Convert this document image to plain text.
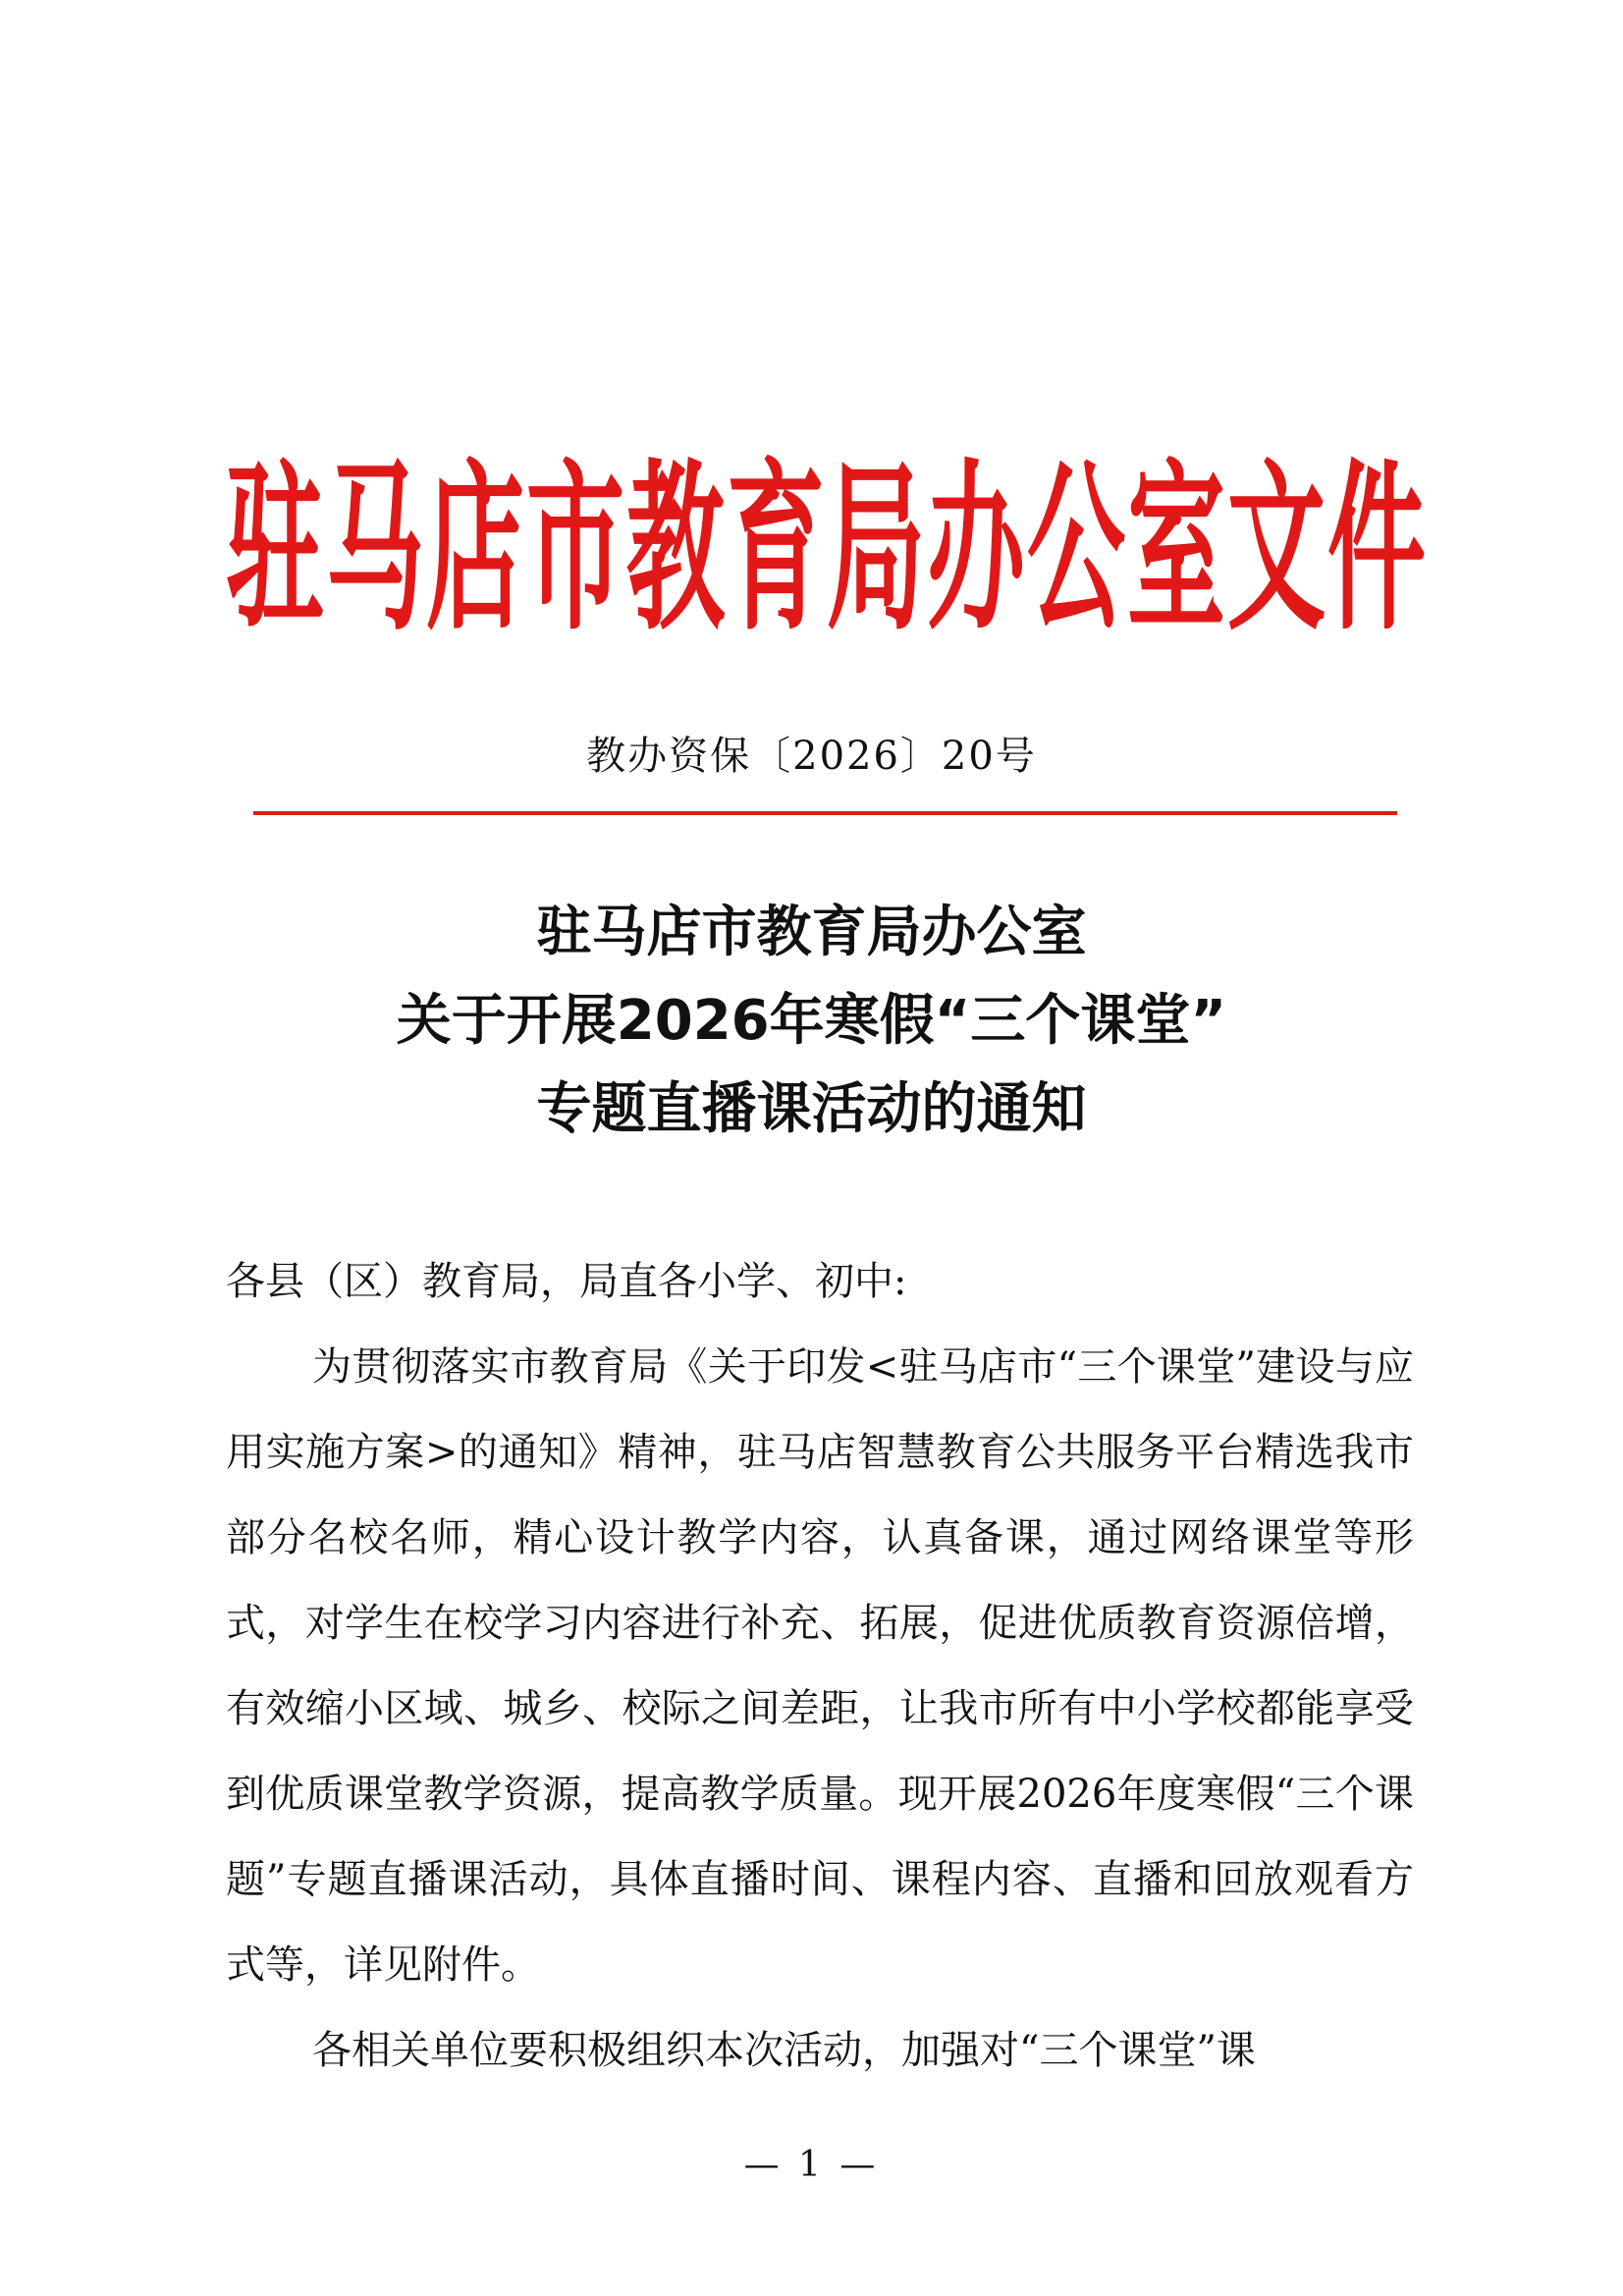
驻马店市教育局办公室文件
教办资保〔2026〕20号
驻马店市教育局办公室
关于开展2026年寒假“三个课堂”
专题直播课活动的通知

各县（区）教育局，局直各小学、初中:

为贯彻落实市教育局《关于印发<驻马店市“三个课堂”建设与应用实施方案>的通知》精神，驻马店智慧教育公共服务平台精选我市部分名校名师，精心设计教学内容，认真备课，通过网络课堂等形式，对学生在校学习内容进行补充、拓展，促进优质教育资源倍增，有效缩小区域、城乡、校际之间差距，让我市所有中小学校都能享受到优质课堂教学资源，提高教学质量。现开展2026年度寒假“三个课题”专题直播课活动，具体直播时间、课程内容、直播和回放观看方式等，详见附件。

各相关单位要积极组织本次活动，加强对“三个课堂”课

— 1 —
